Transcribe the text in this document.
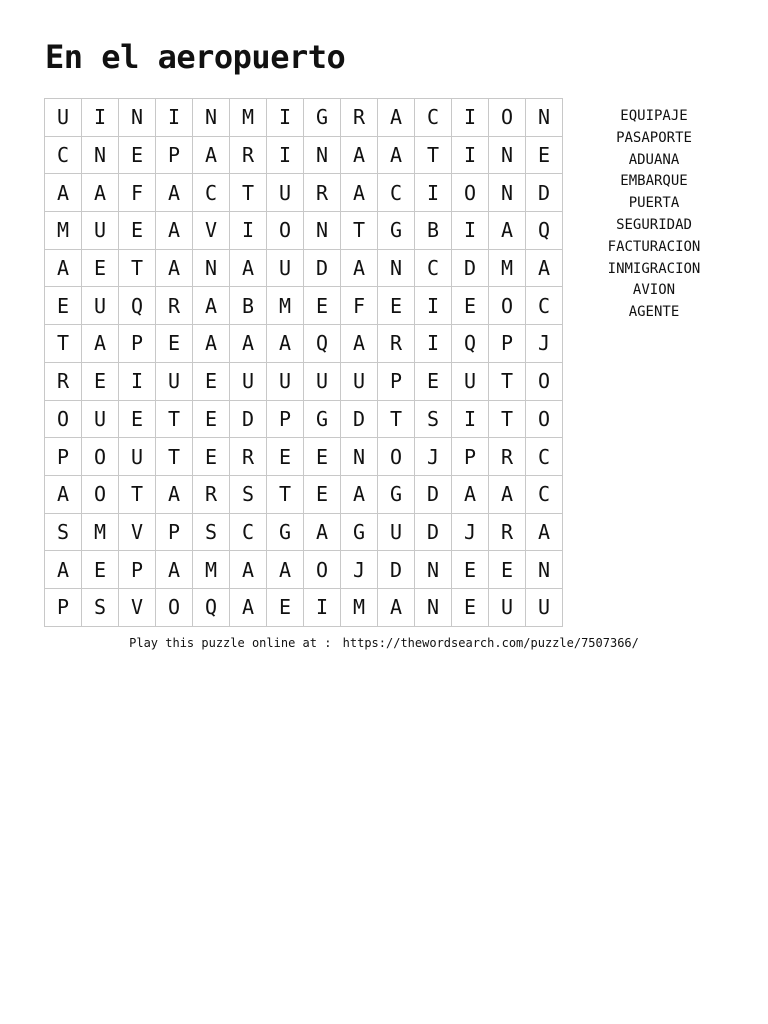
En el aeropuerto
U	I	N	I	N	M	I	G	R	A	C	I	O	N
C	N	E	P	A	R	I	N	A	A	T	I	N	E
A	A	F	A	C	T	U	R	A	C	I	O	N	D
M	U	E	A	V	I	O	N	T	G	B	I	A	Q
A	E	T	A	N	A	U	D	A	N	C	D	M	A
E	U	Q	R	A	B	M	E	F	E	I	E	O	C
T	A	P	E	A	A	A	Q	A	R	I	Q	P	J
R	E	I	U	E	U	U	U	U	P	E	U	T	O
O	U	E	T	E	D	P	G	D	T	S	I	T	O
P	O	U	T	E	R	E	E	N	O	J	P	R	C
A	O	T	A	R	S	T	E	A	G	D	A	A	C
S	M	V	P	S	C	G	A	G	U	D	J	R	A
A	E	P	A	M	A	A	O	J	D	N	E	E	N
P	S	V	O	Q	A	E	I	M	A	N	E	U	U
EQUIPAJE
PASAPORTE
ADUANA
EMBARQUE
PUERTA
SEGURIDAD
FACTURACION
INMIGRACION
AVION
AGENTE
Play this puzzle online at : https://thewordsearch.com/puzzle/7507366/
